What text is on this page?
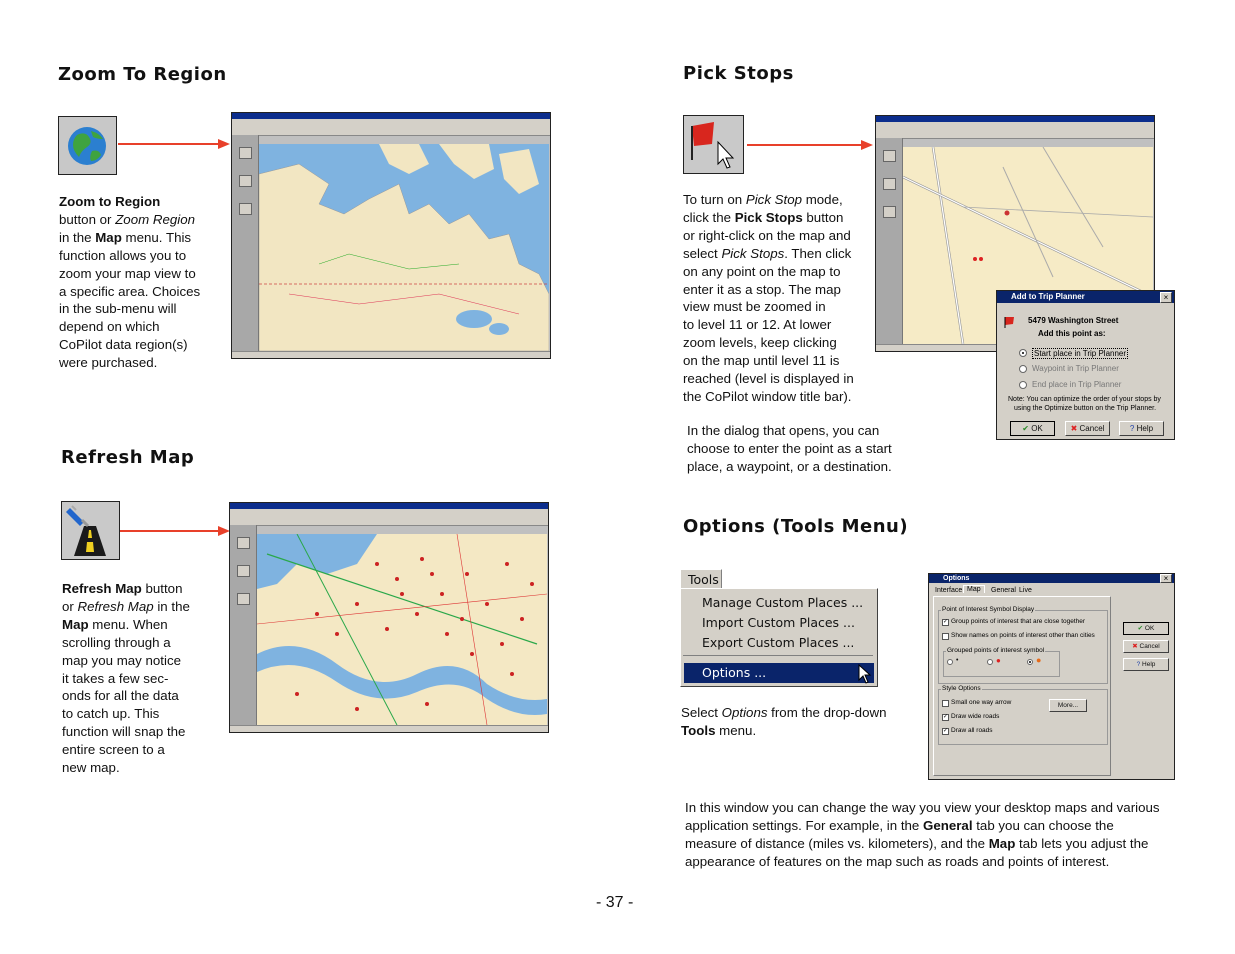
Zoom To Region

Zoom to Region

button or Zoom Region

in the Map menu. This

function allows you to

zoom your map view to

a specific area. Choices

in the sub-menu will

depend on which

CoPilot data region(s)

were purchased.

Refresh Map

Refresh Map button

or Refresh Map in the

Map menu. When

scrolling through a

map you may notice

it takes a few sec-

onds for all the data

to catch up. This

function will snap the

entire screen to a

new map.

Pick Stops

To turn on Pick Stop mode,

click the Pick Stops button

or right-click on the map and

select Pick Stops. Then click

on any point on the map to

enter it as a stop. The map

view must be zoomed in

to level 11 or 12. At lower

zoom levels, keep clicking

on the map until level 11 is

reached (level is displayed in

the CoPilot window title bar).

In the dialog that opens, you can

choose to enter the point as a start

place, a waypoint, or a destination.

Add to Trip Planner	×
5479 Washington Street
Add this point as:
Start place in Trip Planner
Waypoint in Trip Planner
End place in Trip Planner
Note: You can optimize the order of your stops by
using the Optimize button on the Trip Planner.
✔ OK	✖ Cancel	? Help
Options (Tools Menu)
Tools
Manage Custom Places ...
Import Custom Places ...
Export Custom Places ...
Options ...

Select Options from the drop-down

Tools menu.

Options	×
Interface Map	General Live
Point of Interest Symbol Display
✓ Group points of interest that are close together
Show names on points of interest other than cities
Grouped points of interest symbol
•	●	●
Style Options
Small one way arrow	More...
✓ Draw wide roads
✓ Draw all roads
✔ OK
✖ Cancel
? Help

In this window you can change the way you view your desktop maps and various

application settings. For example, in the General tab you can choose the

measure of distance (miles vs. kilometers), and the Map tab lets you adjust the

appearance of features on the map such as roads and points of interest.

- 37 -
